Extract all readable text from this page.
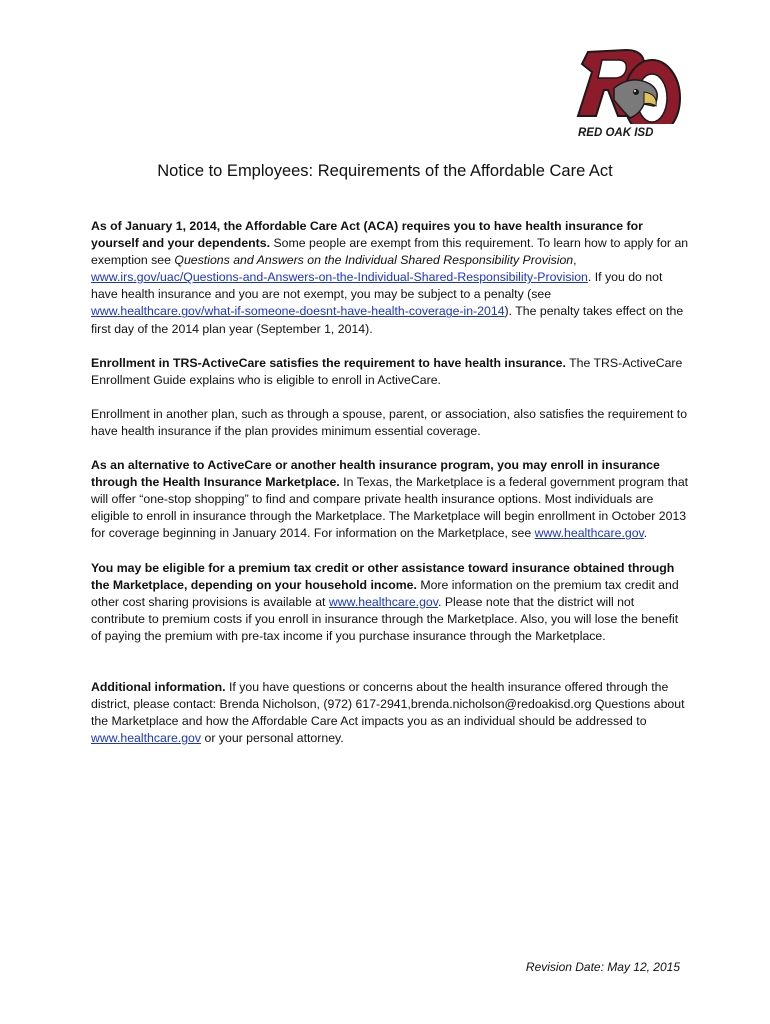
RED OAK ISD
Notice to Employees: Requirements of the Affordable Care Act

As of January 1, 2014, the Affordable Care Act (ACA) requires you to have health insurance for yourself and your dependents. Some people are exempt from this requirement. To learn how to apply for an exemption see Questions and Answers on the Individual Shared Responsibility Provision, www.irs.gov/uac/Questions-and-Answers-on-the-Individual-Shared-Responsibility-Provision. If you do not have health insurance and you are not exempt, you may be subject to a penalty (see www.healthcare.gov/what-if-someone-doesnt-have-health-coverage-in-2014). The penalty takes effect on the first day of the 2014 plan year (September 1, 2014).

Enrollment in TRS-ActiveCare satisfies the requirement to have health insurance. The TRS-ActiveCare Enrollment Guide explains who is eligible to enroll in ActiveCare.

Enrollment in another plan, such as through a spouse, parent, or association, also satisfies the requirement to have health insurance if the plan provides minimum essential coverage.

As an alternative to ActiveCare or another health insurance program, you may enroll in insurance through the Health Insurance Marketplace. In Texas, the Marketplace is a federal government program that will offer “one-stop shopping” to find and compare private health insurance options. Most individuals are eligible to enroll in insurance through the Marketplace. The Marketplace will begin enrollment in October 2013 for coverage beginning in January 2014. For information on the Marketplace, see www.healthcare.gov.

You may be eligible for a premium tax credit or other assistance toward insurance obtained through the Marketplace, depending on your household income. More information on the premium tax credit and other cost sharing provisions is available at www.healthcare.gov. Please note that the district will not contribute to premium costs if you enroll in insurance through the Marketplace. Also, you will lose the benefit of paying the premium with pre-tax income if you purchase insurance through the Marketplace.

Additional information. If you have questions or concerns about the health insurance offered through the district, please contact: Brenda Nicholson, (972) 617-2941,brenda.nicholson@redoakisd.org Questions about the Marketplace and how the Affordable Care Act impacts you as an individual should be addressed to www.healthcare.gov or your personal attorney.

Revision Date: May 12, 2015
